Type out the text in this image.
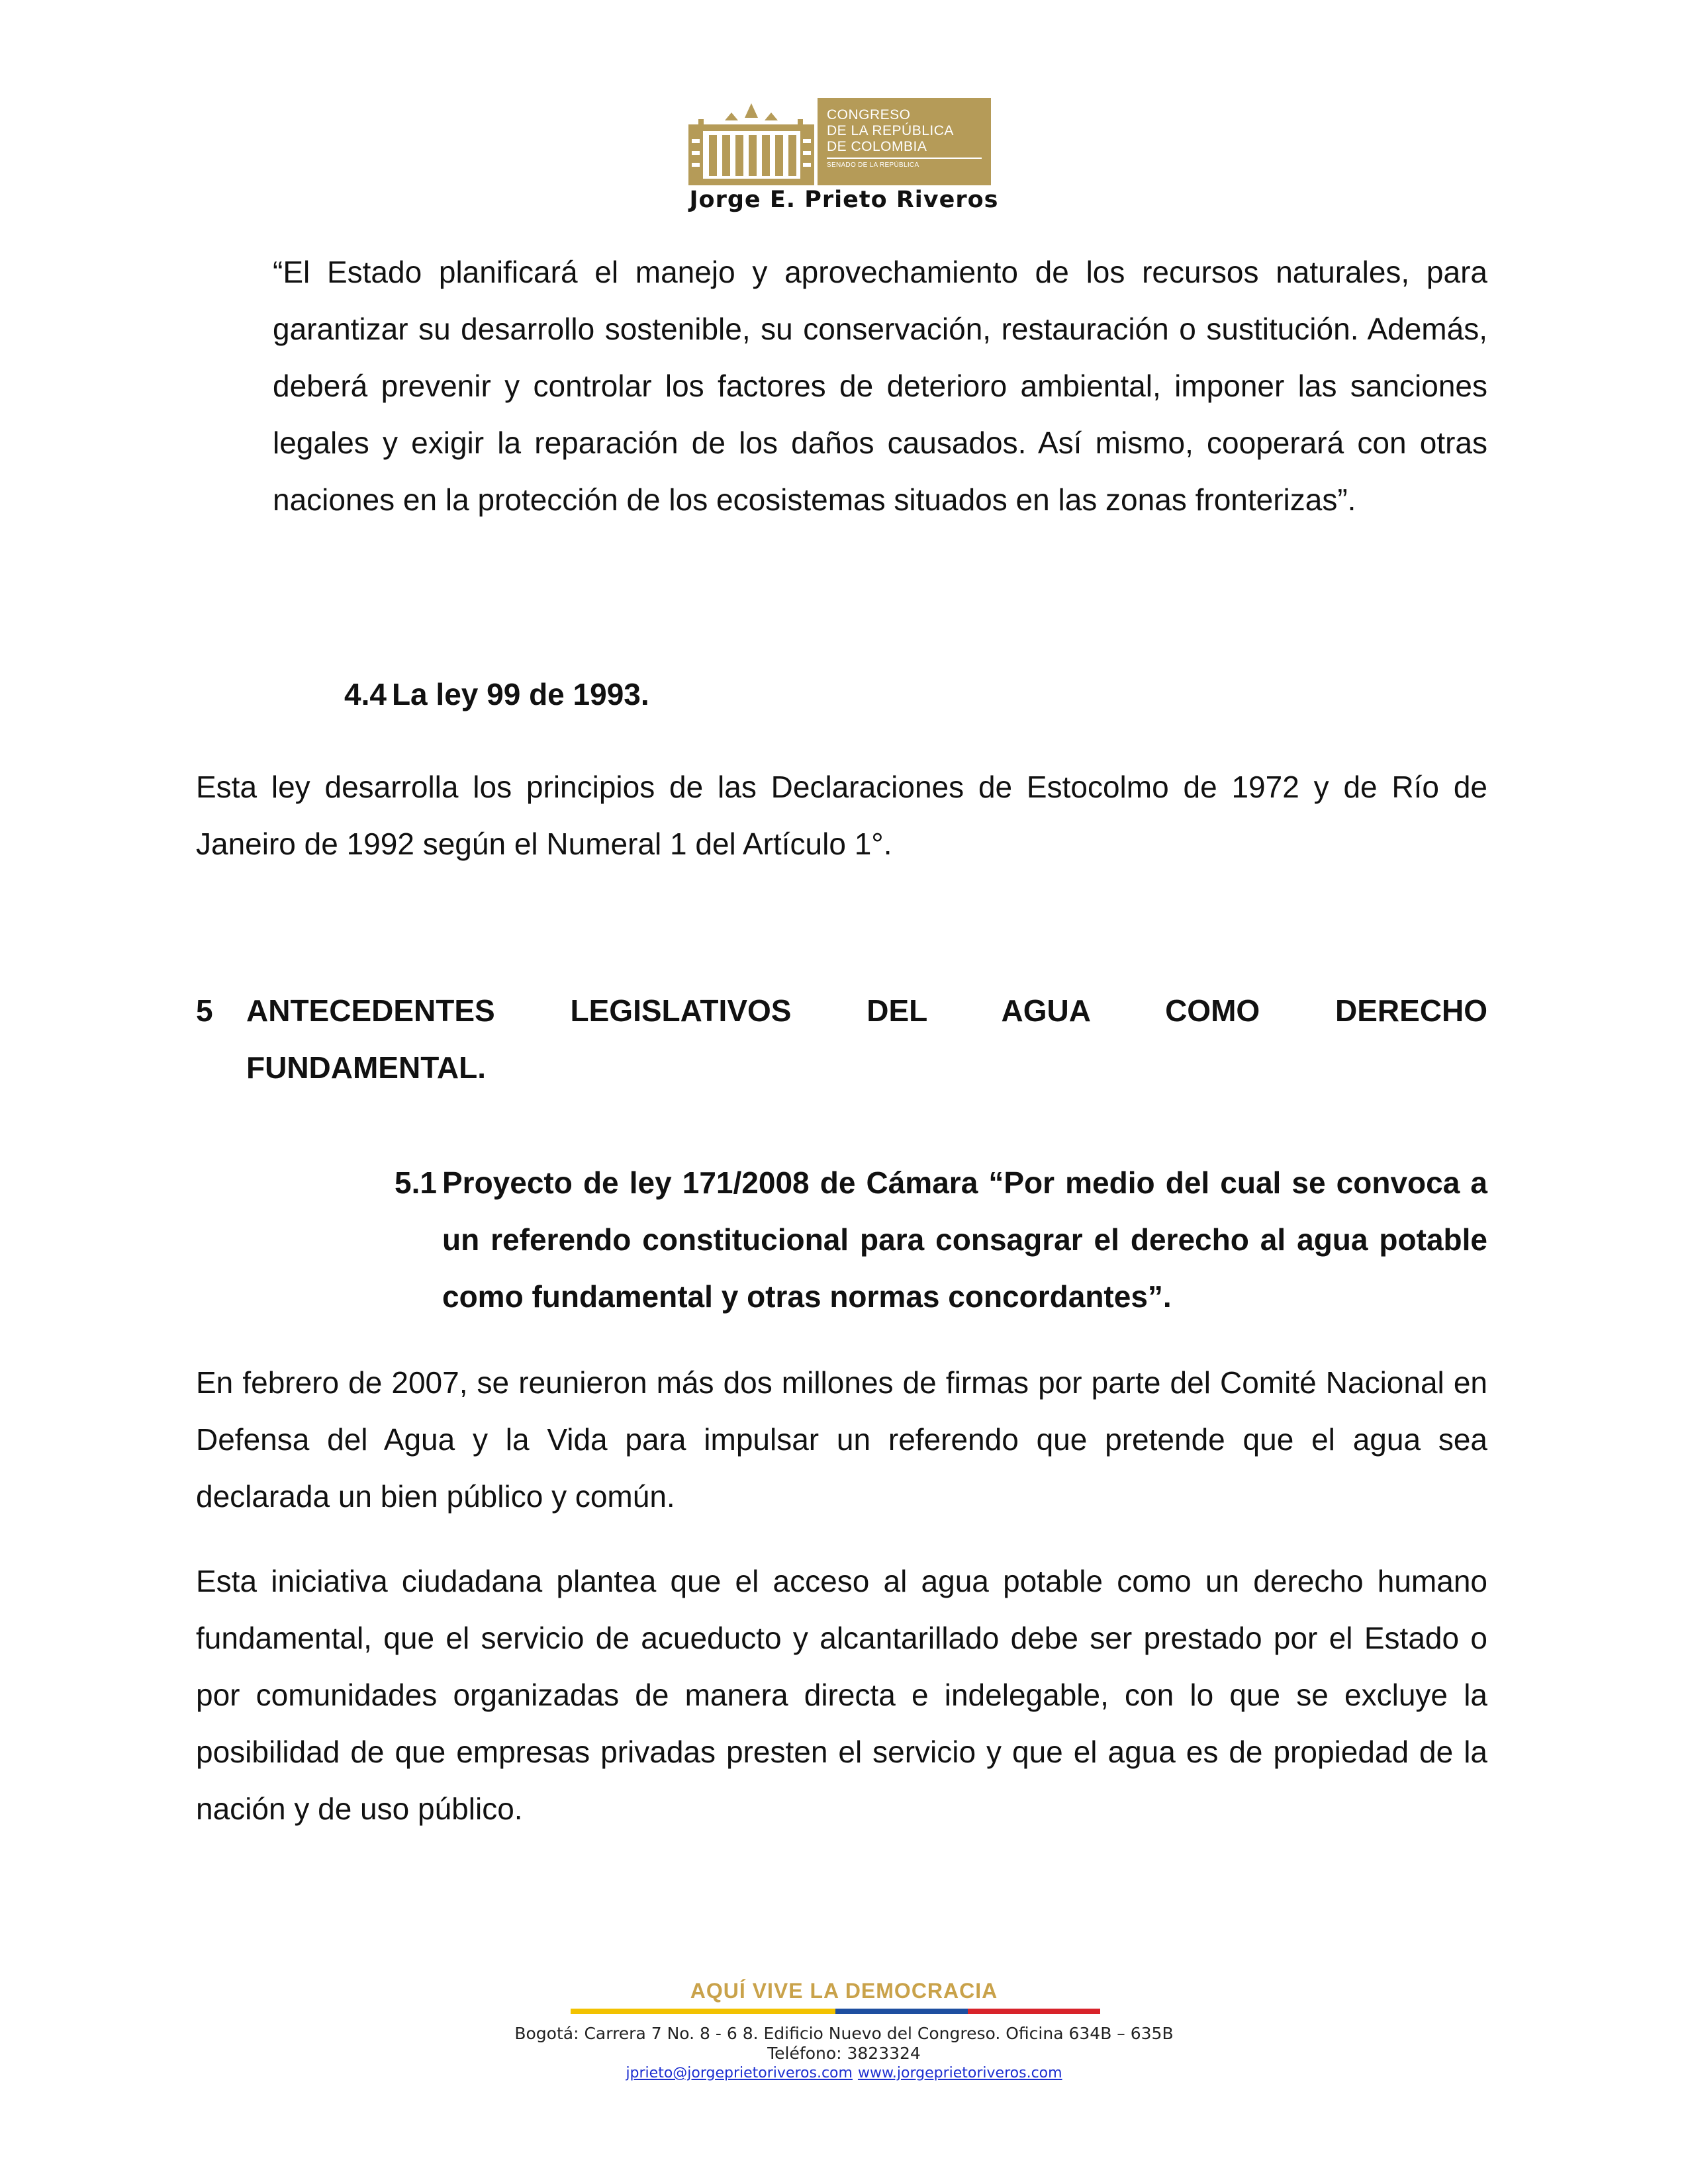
CONGRESO
DE LA REPÚBLICA
DE COLOMBIA
SENADO DE LA REPÚBLICA
Jorge E. Prieto Riveros
“El Estado planificará el manejo y aprovechamiento de los recursos naturales, para garantizar su desarrollo sostenible, su conservación, restauración o sustitución. Además, deberá prevenir y controlar los factores de deterioro ambiental, imponer las sanciones legales y exigir la reparación de los daños causados. Así mismo, cooperará con otras naciones en la protección de los ecosistemas situados en las zonas fronterizas”.
4.4 La ley 99 de 1993.
Esta ley desarrolla los principios de las Declaraciones de Estocolmo de 1972 y de Río de Janeiro de 1992 según el Numeral 1 del Artículo 1°.
5 ANTECEDENTES LEGISLATIVOS DEL AGUA COMO DERECHO
FUNDAMENTAL.
5.1 Proyecto de ley 171/2008 de Cámara “Por medio del cual se convoca a un referendo constitucional para consagrar el derecho al agua potable como fundamental y otras normas concordantes”.
En febrero de 2007, se reunieron más dos millones de firmas por parte del Comité Nacional en Defensa del Agua y la Vida para impulsar un referendo que pretende que el agua sea declarada un bien público y común.
Esta iniciativa ciudadana plantea que el acceso al agua potable como un derecho humano fundamental, que el servicio de acueducto y alcantarillado debe ser prestado por el Estado o por comunidades organizadas de manera directa e indelegable, con lo que se excluye la posibilidad de que empresas privadas presten el servicio y que el agua es de propiedad de la nación y de uso público.
AQUÍ VIVE LA DEMOCRACIA
Bogotá: Carrera 7 No. 8 - 6 8. Edificio Nuevo del Congreso. Oficina 634B – 635B
Teléfono: 3823324
jprieto@jorgeprietoriveros.com www.jorgeprietoriveros.com
